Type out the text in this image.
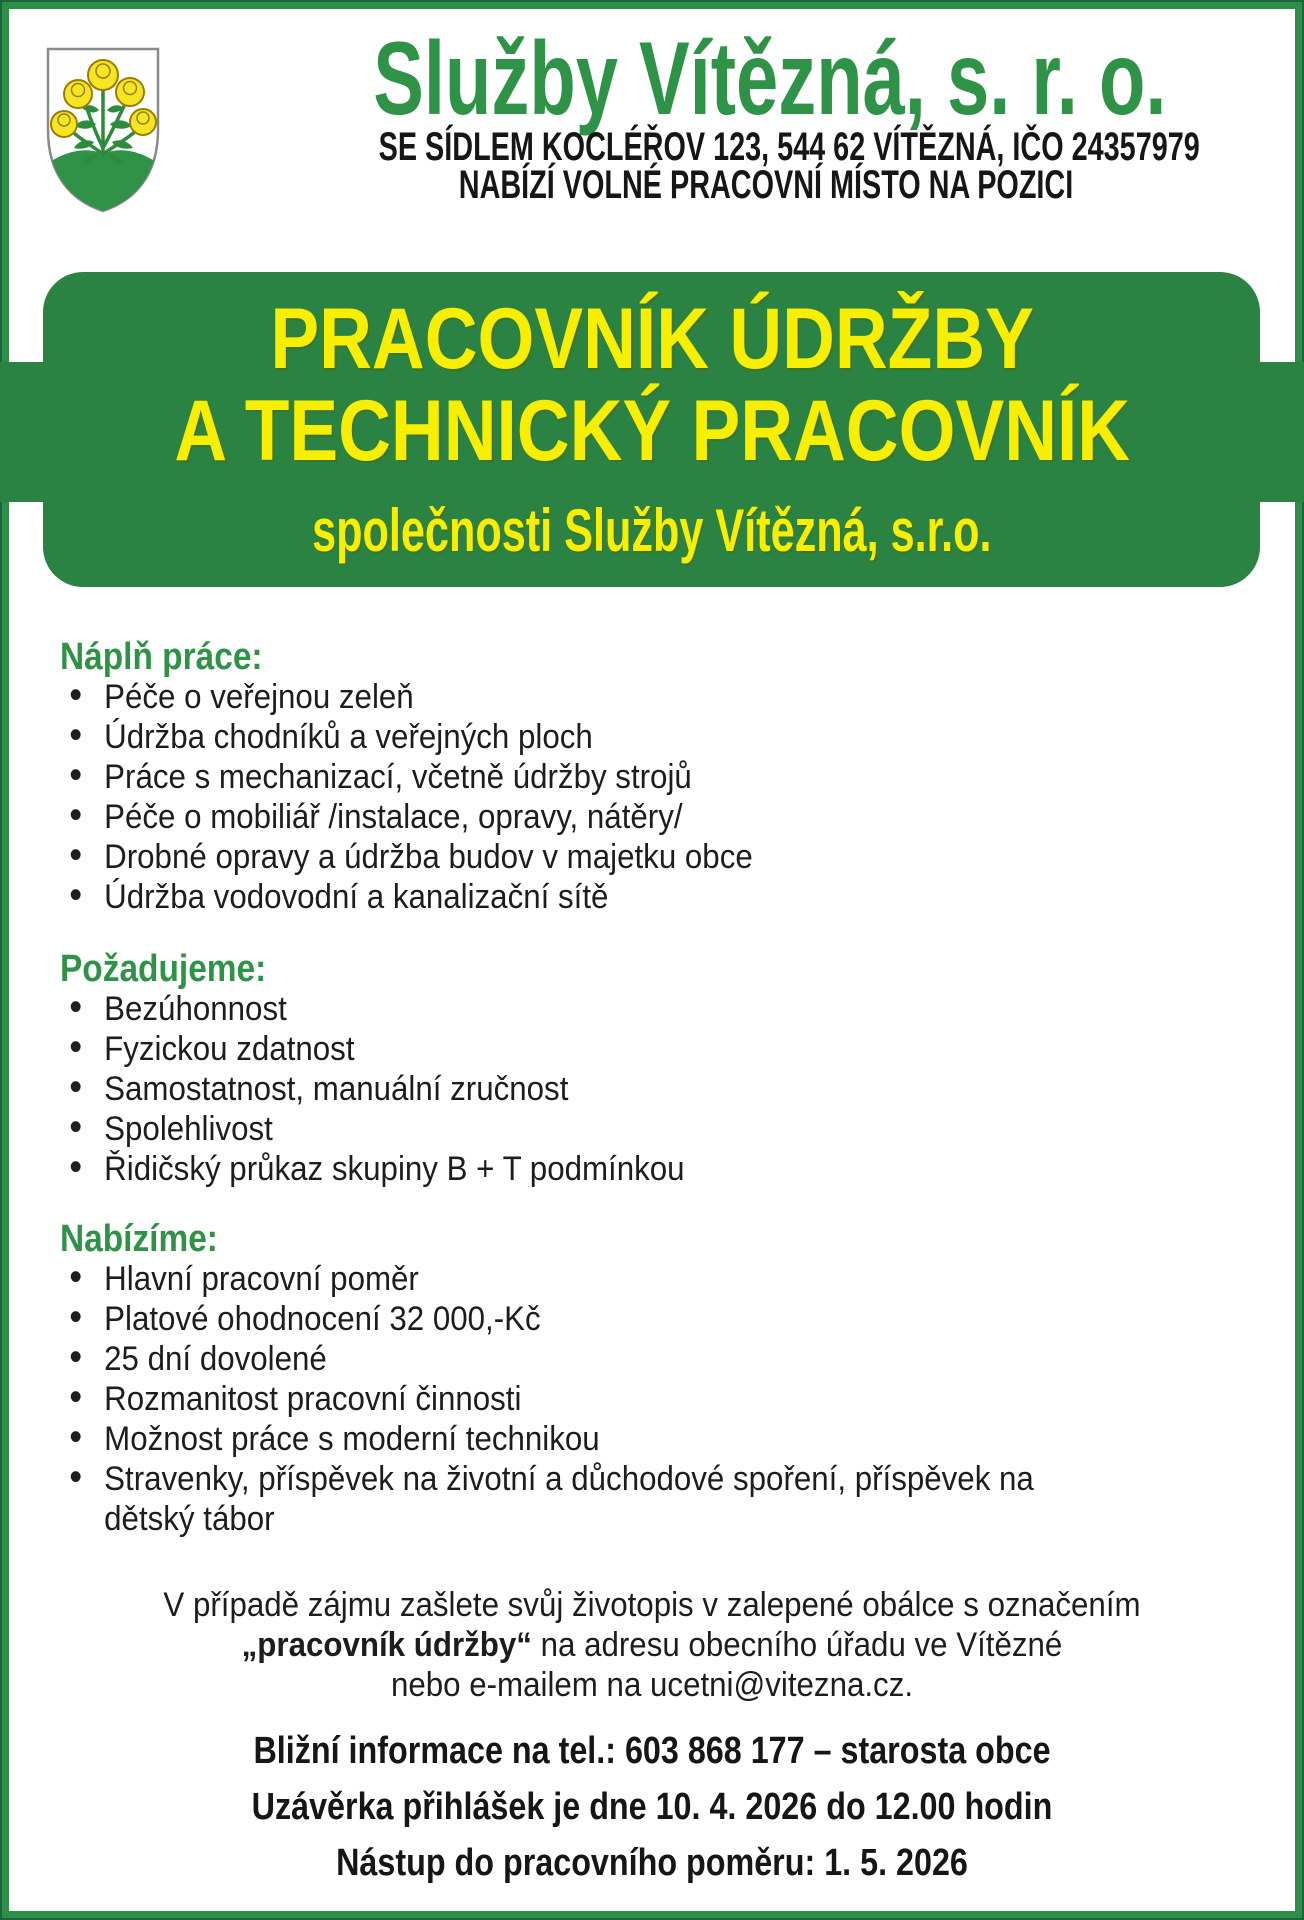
Služby Vítězná, s. r. o.
SE SÍDLEM KOCLÉŘOV 123, 544 62 VÍTĚZNÁ, IČO 24357979
NABÍZÍ VOLNÉ PRACOVNÍ MÍSTO NA POZICI
PRACOVNÍK ÚDRŽBY
A TECHNICKÝ PRACOVNÍK
společnosti Služby Vítězná, s.r.o.
Náplň práce:
• Péče o veřejnou zeleň
• Údržba chodníků a veřejných ploch
• Práce s mechanizací, včetně údržby strojů
• Péče o mobiliář /instalace, opravy, nátěry/
• Drobné opravy a údržba budov v majetku obce
• Údržba vodovodní a kanalizační sítě
Požadujeme:
• Bezúhonnost
• Fyzickou zdatnost
• Samostatnost, manuální zručnost
• Spolehlivost
• Řidičský průkaz skupiny B + T podmínkou
Nabízíme:
• Hlavní pracovní poměr
• Platové ohodnocení 32 000,-Kč
• 25 dní dovolené
• Rozmanitost pracovní činnosti
• Možnost práce s moderní technikou
• Stravenky, příspěvek na životní a důchodové spoření, příspěvek na dětský tábor
V případě zájmu zašlete svůj životopis v zalepené obálce s označením
„pracovník údržby“ na adresu obecního úřadu ve Vítězné
nebo e-mailem na ucetni@vitezna.cz.
Bližní informace na tel.: 603 868 177 – starosta obce
Uzávěrka přihlášek je dne 10. 4. 2026 do 12.00 hodin
Nástup do pracovního poměru: 1. 5. 2026
